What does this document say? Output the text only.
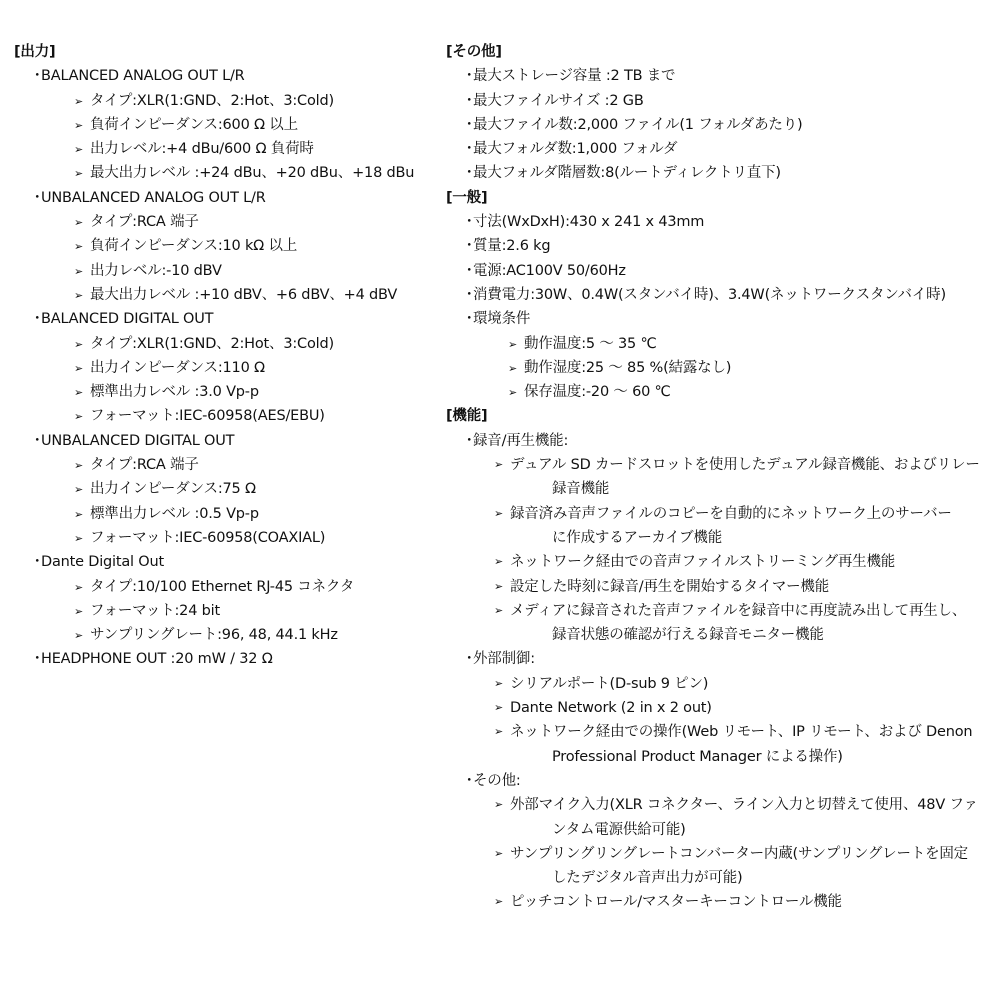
[出力]
・BALANCED ANALOG OUT L/R
➢ タイプ:XLR(1:GND、2:Hot、3:Cold)
➢ 負荷インピーダンス:600 Ω 以上
➢ 出力レベル:+4 dBu/600 Ω 負荷時
➢ 最大出力レベル :+24 dBu、+20 dBu、+18 dBu
・UNBALANCED ANALOG OUT L/R
➢ タイプ:RCA 端子
➢ 負荷インピーダンス:10 kΩ 以上
➢ 出力レベル:-10 dBV
➢ 最大出力レベル :+10 dBV、+6 dBV、+4 dBV
・BALANCED DIGITAL OUT
➢ タイプ:XLR(1:GND、2:Hot、3:Cold)
➢ 出力インピーダンス:110 Ω
➢ 標準出力レベル :3.0 Vp-p
➢ フォーマット:IEC-60958(AES/EBU)
・UNBALANCED DIGITAL OUT
➢ タイプ:RCA 端子
➢ 出力インピーダンス:75 Ω
➢ 標準出力レベル :0.5 Vp-p
➢ フォーマット:IEC-60958(COAXIAL)
・Dante Digital Out
➢ タイプ:10/100 Ethernet RJ-45 コネクタ
➢ フォーマット:24 bit
➢ サンプリングレート:96, 48, 44.1 kHz
・HEADPHONE OUT :20 mW / 32 Ω
[その他]
・最大ストレージ容量 :2 TB まで
・最大ファイルサイズ :2 GB
・最大ファイル数:2,000 ファイル(1 フォルダあたり)
・最大フォルダ数:1,000 フォルダ
・最大フォルダ階層数:8(ルートディレクトリ直下)
[一般]
・寸法(WxDxH):430 x 241 x 43mm
・質量:2.6 kg
・電源:AC100V 50/60Hz
・消費電力:30W、0.4W(スタンバイ時)、3.4W(ネットワークスタンバイ時)
・環境条件
➢ 動作温度:5 ～ 35 ℃
➢ 動作湿度:25 ～ 85 %(結露なし)
➢ 保存温度:-20 ～ 60 ℃
[機能]
・録音/再生機能:
➢ デュアル SD カードスロットを使用したデュアル録音機能、およびリレー
録音機能
➢ 録音済み音声ファイルのコピーを自動的にネットワーク上のサーバー
に作成するアーカイブ機能
➢ ネットワーク経由での音声ファイルストリーミング再生機能
➢ 設定した時刻に録音/再生を開始するタイマー機能
➢ メディアに録音された音声ファイルを録音中に再度読み出して再生し、
録音状態の確認が行える録音モニター機能
・外部制御:
➢ シリアルポート(D-sub 9 ピン)
➢ Dante Network (2 in x 2 out)
➢ ネットワーク経由での操作(Web リモート、IP リモート、および Denon
Professional Product Manager による操作)
・その他:
➢ 外部マイク入力(XLR コネクター、ライン入力と切替えて使用、48V ファ
ンタム電源供給可能)
➢ サンプリングリングレートコンバーター内蔵(サンプリングレートを固定
したデジタル音声出力が可能)
➢ ピッチコントロール/マスターキーコントロール機能
